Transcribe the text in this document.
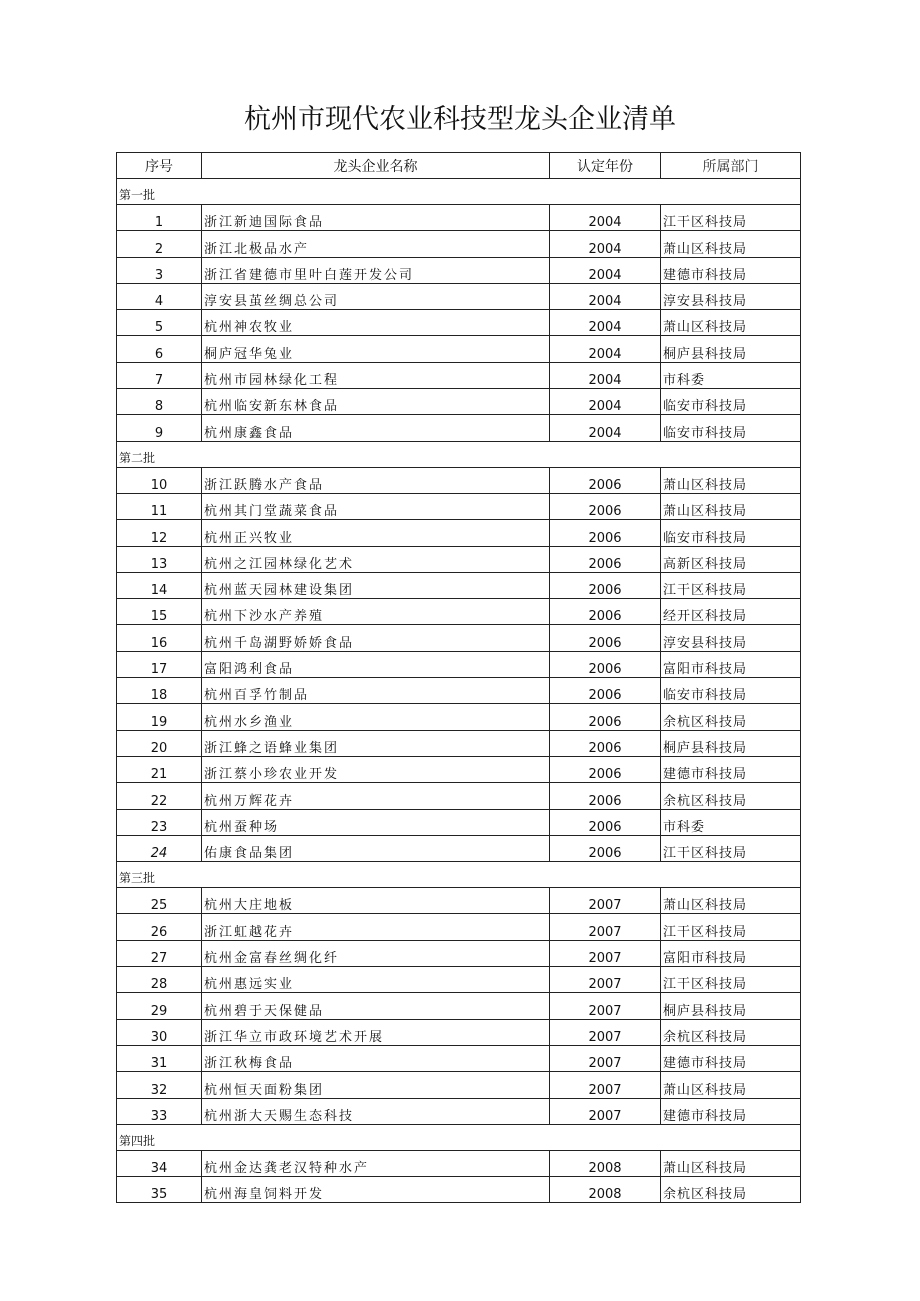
杭州市现代农业科技型龙头企业清单
序号	龙头企业名称	认定年份	所属部门
第一批			
1	浙江新迪国际食品	2004	江干区科技局
2	浙江北极品水产	2004	萧山区科技局
3	浙江省建德市里叶白莲开发公司	2004	建德市科技局
4	淳安县茧丝绸总公司	2004	淳安县科技局
5	杭州神农牧业	2004	萧山区科技局
6	桐庐冠华兔业	2004	桐庐县科技局
7	杭州市园林绿化工程	2004	市科委
8	杭州临安新东林食品	2004	临安市科技局
9	杭州康鑫食品	2004	临安市科技局
第二批			
10	浙江跃腾水产食品	2006	萧山区科技局
11	杭州其门堂蔬菜食品	2006	萧山区科技局
12	杭州正兴牧业	2006	临安市科技局
13	杭州之江园林绿化艺术	2006	高新区科技局
14	杭州蓝天园林建设集团	2006	江干区科技局
15	杭州下沙水产养殖	2006	经开区科技局
16	杭州千岛湖野娇娇食品	2006	淳安县科技局
17	富阳鸿利食品	2006	富阳市科技局
18	杭州百孚竹制品	2006	临安市科技局
19	杭州水乡渔业	2006	余杭区科技局
20	浙江蜂之语蜂业集团	2006	桐庐县科技局
21	浙江蔡小珍农业开发	2006	建德市科技局
22	杭州万辉花卉	2006	余杭区科技局
23	杭州蚕种场	2006	市科委
24	佑康食品集团	2006	江干区科技局
第三批			
25	杭州大庄地板	2007	萧山区科技局
26	浙江虹越花卉	2007	江干区科技局
27	杭州金富春丝绸化纤	2007	富阳市科技局
28	杭州惠远实业	2007	江干区科技局
29	杭州碧于天保健品	2007	桐庐县科技局
30	浙江华立市政环境艺术开展	2007	余杭区科技局
31	浙江秋梅食品	2007	建德市科技局
32	杭州恒天面粉集团	2007	萧山区科技局
33	杭州浙大天赐生态科技	2007	建德市科技局
第四批			
34	杭州金达龚老汉特种水产	2008	萧山区科技局
35	杭州海皇饲料开发	2008	余杭区科技局
